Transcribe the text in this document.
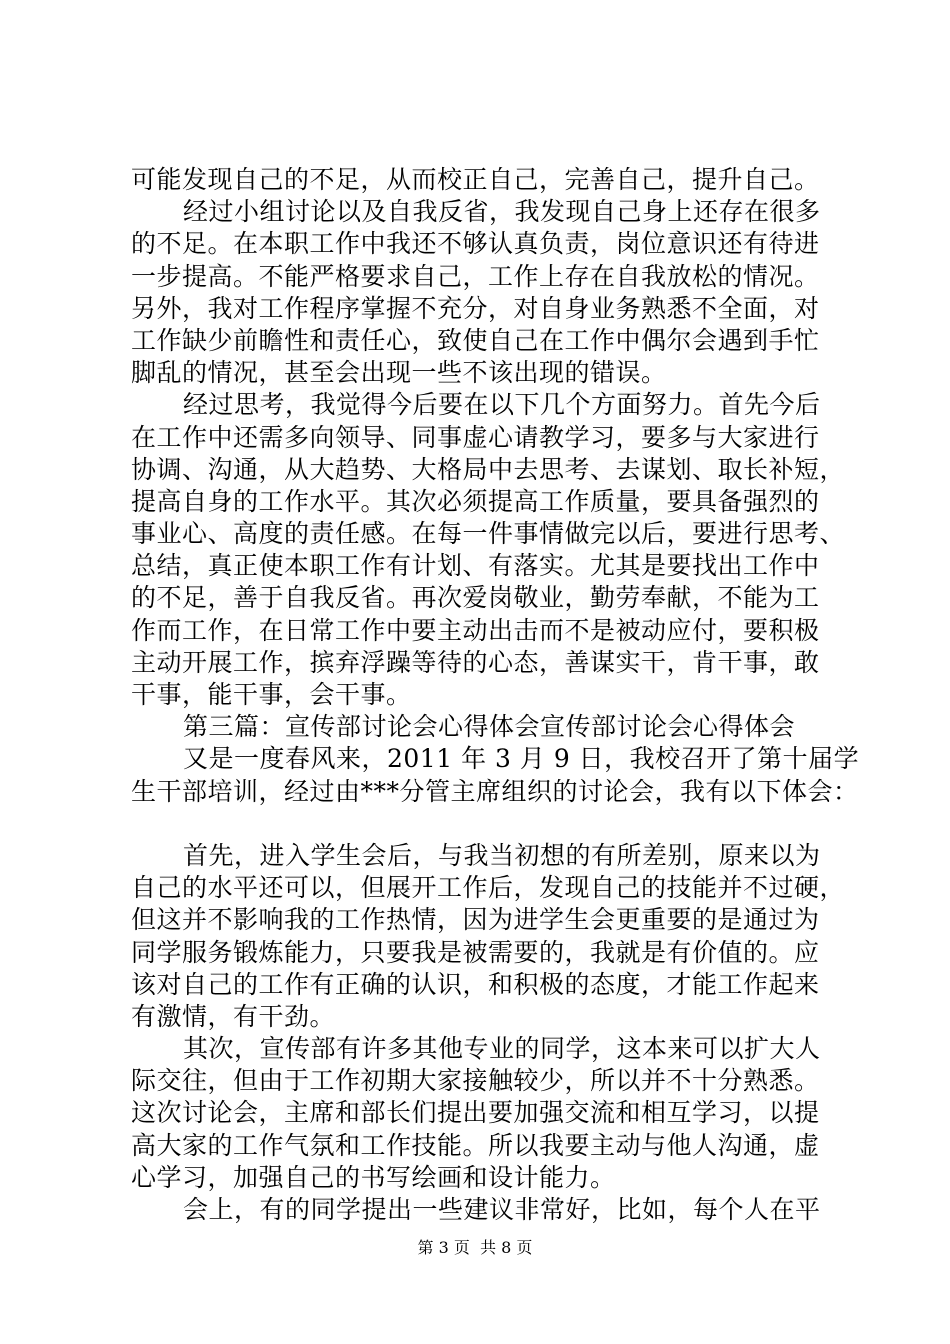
可能发现自己的不足，从而校正自己，完善自己，提升自己。
经过小组讨论以及自我反省，我发现自己身上还存在很多
的不足。在本职工作中我还不够认真负责，岗位意识还有待进
一步提高。不能严格要求自己，工作上存在自我放松的情况。
另外，我对工作程序掌握不充分，对自身业务熟悉不全面，对
工作缺少前瞻性和责任心，致使自己在工作中偶尔会遇到手忙
脚乱的情况，甚至会出现一些不该出现的错误。
经过思考，我觉得今后要在以下几个方面努力。首先今后
在工作中还需多向领导、同事虚心请教学习，要多与大家进行
协调、沟通，从大趋势、大格局中去思考、去谋划、取长补短，
提高自身的工作水平。其次必须提高工作质量，要具备强烈的
事业心、高度的责任感。在每一件事情做完以后，要进行思考、
总结，真正使本职工作有计划、有落实。尤其是要找出工作中
的不足，善于自我反省。再次爱岗敬业，勤劳奉献，不能为工
作而工作，在日常工作中要主动出击而不是被动应付，要积极
主动开展工作，摈弃浮躁等待的心态，善谋实干，肯干事，敢
干事，能干事，会干事。
第三篇：宣传部讨论会心得体会宣传部讨论会心得体会
又是一度春风来，2011 年 3 月 9 日，我校召开了第十届学
生干部培训，经过由***分管主席组织的讨论会，我有以下体会：
首先，进入学生会后，与我当初想的有所差别，原来以为
自己的水平还可以，但展开工作后，发现自己的技能并不过硬，
但这并不影响我的工作热情，因为进学生会更重要的是通过为
同学服务锻炼能力，只要我是被需要的，我就是有价值的。应
该对自己的工作有正确的认识，和积极的态度，才能工作起来
有激情，有干劲。
其次，宣传部有许多其他专业的同学，这本来可以扩大人
际交往，但由于工作初期大家接触较少，所以并不十分熟悉。
这次讨论会，主席和部长们提出要加强交流和相互学习，以提
高大家的工作气氛和工作技能。所以我要主动与他人沟通，虚
心学习，加强自己的书写绘画和设计能力。
会上，有的同学提出一些建议非常好，比如，每个人在平
第 3 页  共 8 页
